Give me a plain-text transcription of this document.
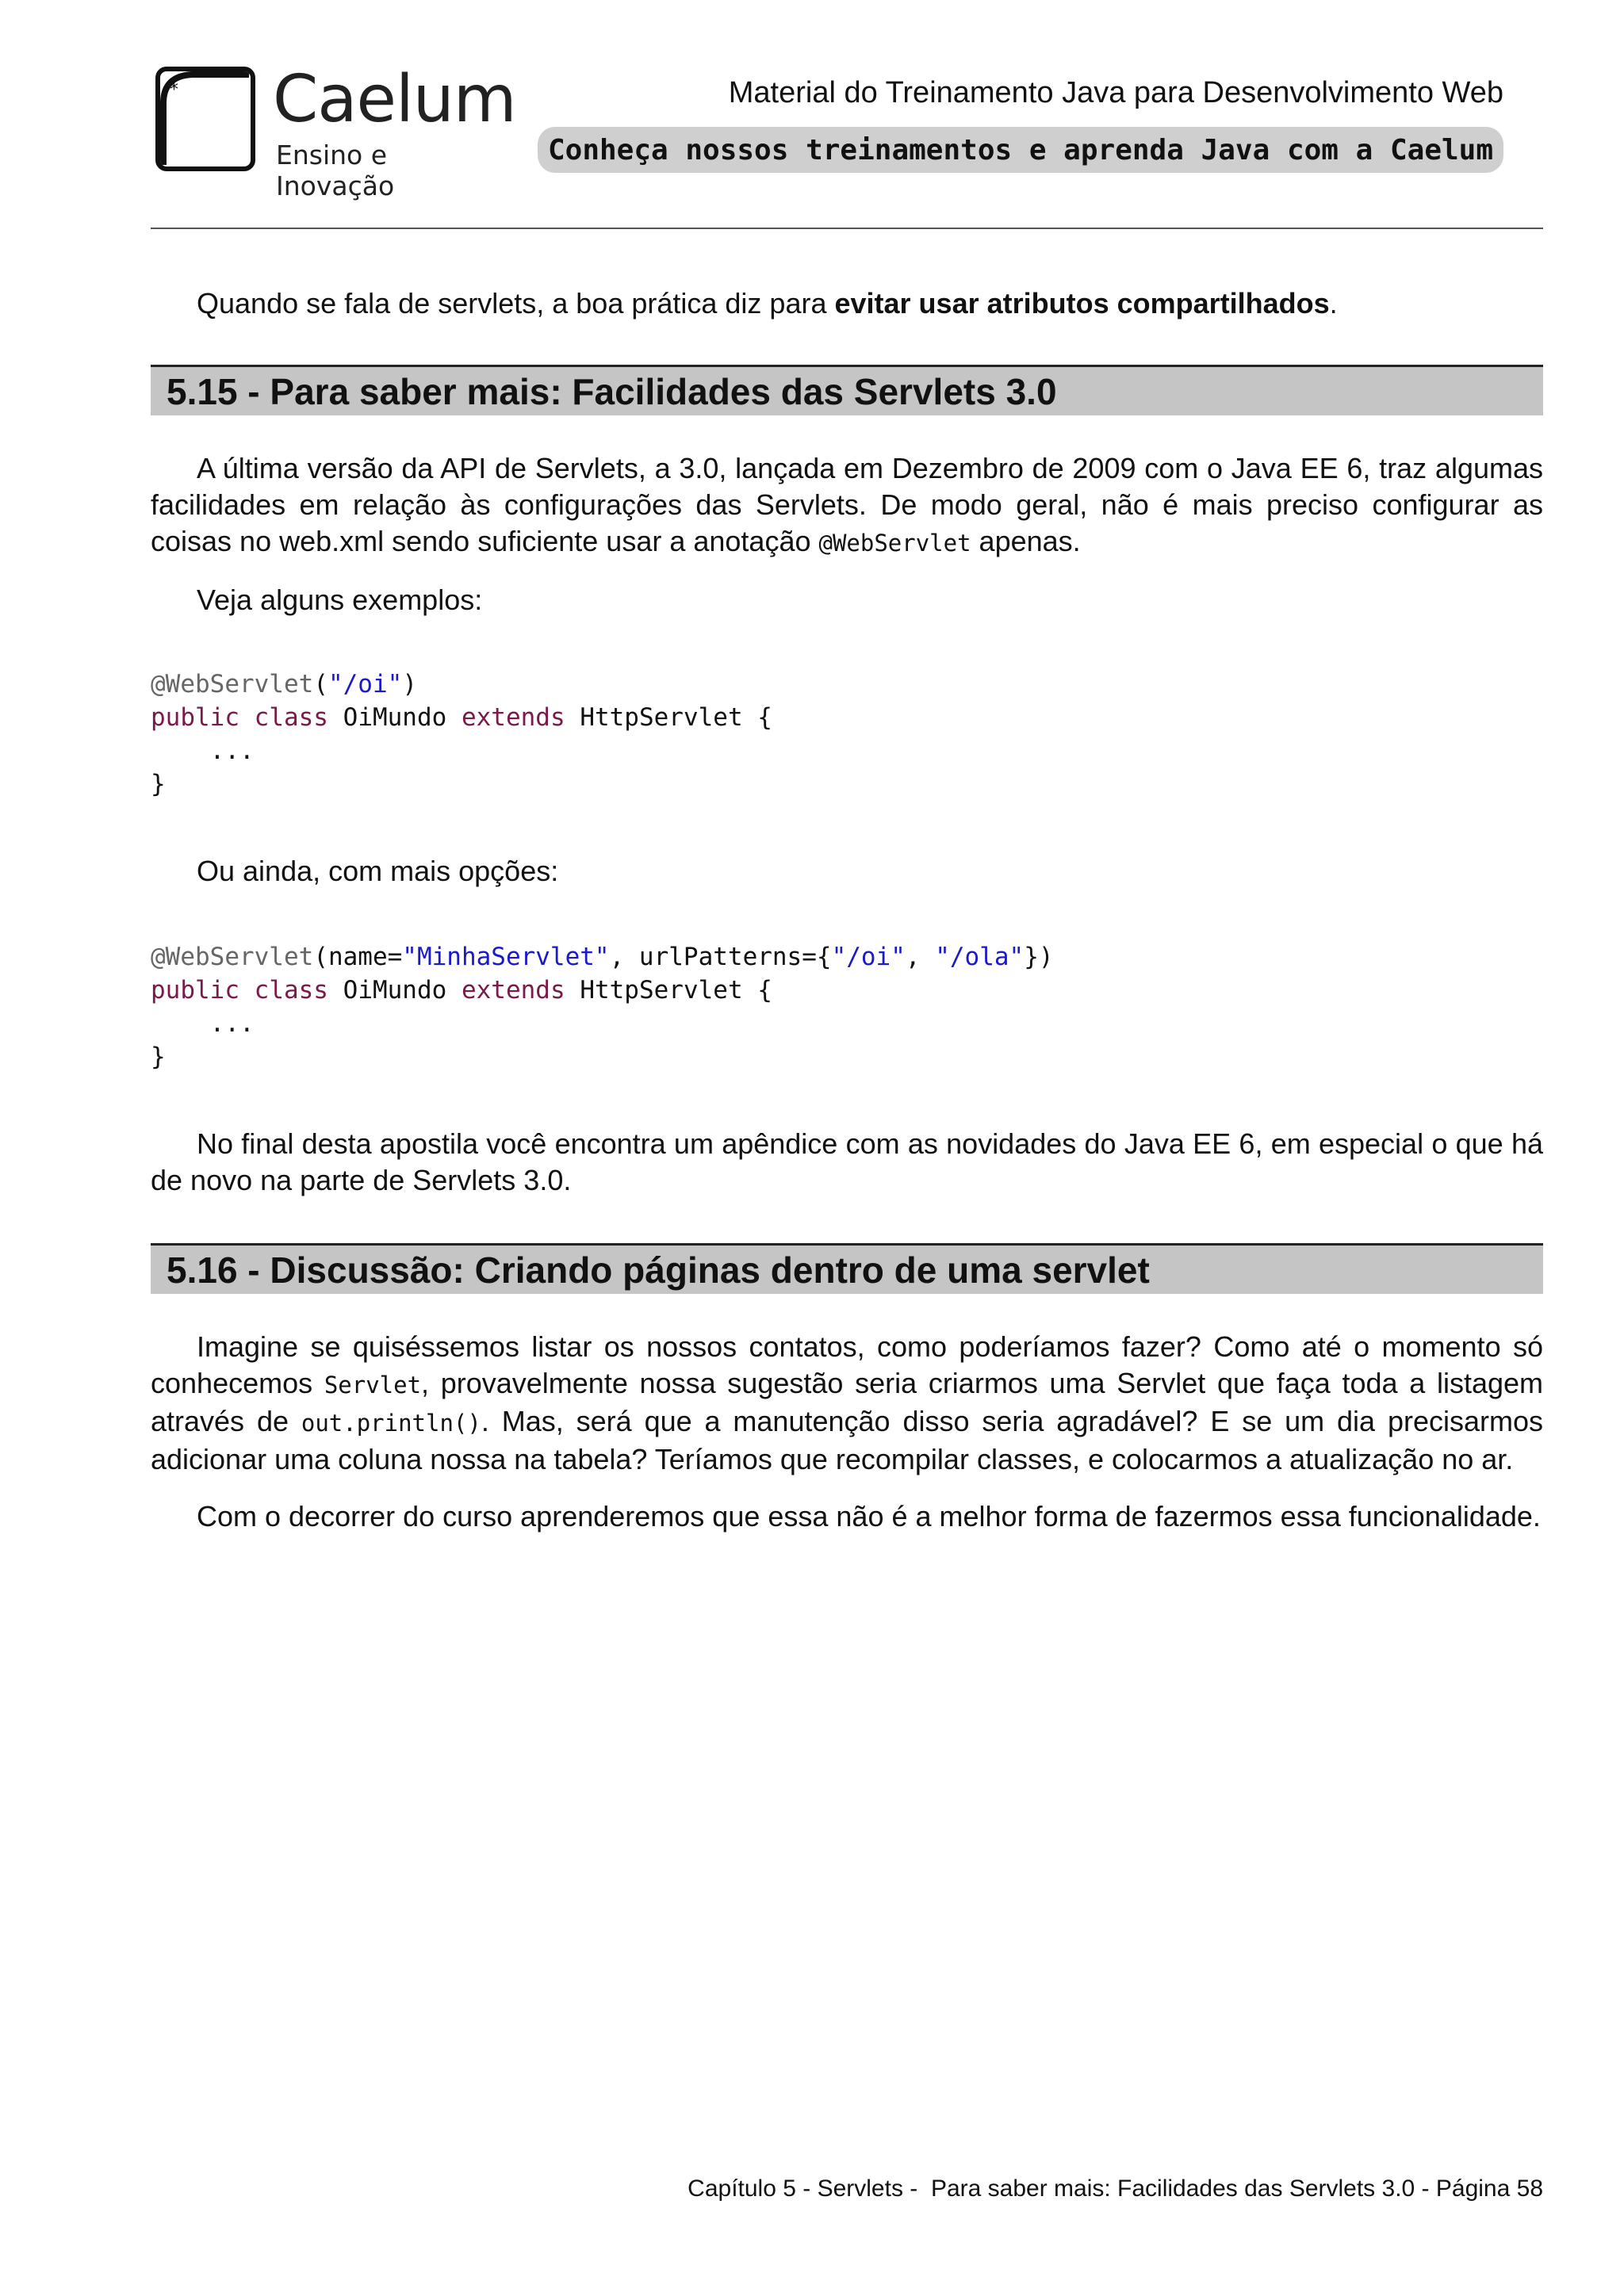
* Caelum
Ensino e Inovação
Material do Treinamento Java para Desenvolvimento Web
Conheça nossos treinamentos e aprenda Java com a Caelum
Quando se fala de servlets, a boa prática diz para evitar usar atributos compartilhados.
5.15 - Para saber mais: Facilidades das Servlets 3.0
A última versão da API de Servlets, a 3.0, lançada em Dezembro de 2009 com o Java EE 6, traz algumas facilidades em relação às configurações das Servlets. De modo geral, não é mais preciso configurar as coisas no web.xml sendo suficiente usar a anotação @WebServlet apenas.
Veja alguns exemplos:
@WebServlet("/oi")
public class OiMundo extends HttpServlet {
...
}
Ou ainda, com mais opções:
@WebServlet(name="MinhaServlet", urlPatterns={"/oi", "/ola"})
public class OiMundo extends HttpServlet {
...
}
No final desta apostila você encontra um apêndice com as novidades do Java EE 6, em especial o que há de novo na parte de Servlets 3.0.
5.16 - Discussão: Criando páginas dentro de uma servlet
Imagine se quiséssemos listar os nossos contatos, como poderíamos fazer? Como até o momento só conhecemos Servlet, provavelmente nossa sugestão seria criarmos uma Servlet que faça toda a listagem através de out.println(). Mas, será que a manutenção disso seria agradável? E se um dia precisarmos adicionar uma coluna nossa na tabela? Teríamos que recompilar classes, e colocarmos a atualização no ar.
Com o decorrer do curso aprenderemos que essa não é a melhor forma de fazermos essa funcionalidade.
Capítulo 5 - Servlets -  Para saber mais: Facilidades das Servlets 3.0 - Página 58
